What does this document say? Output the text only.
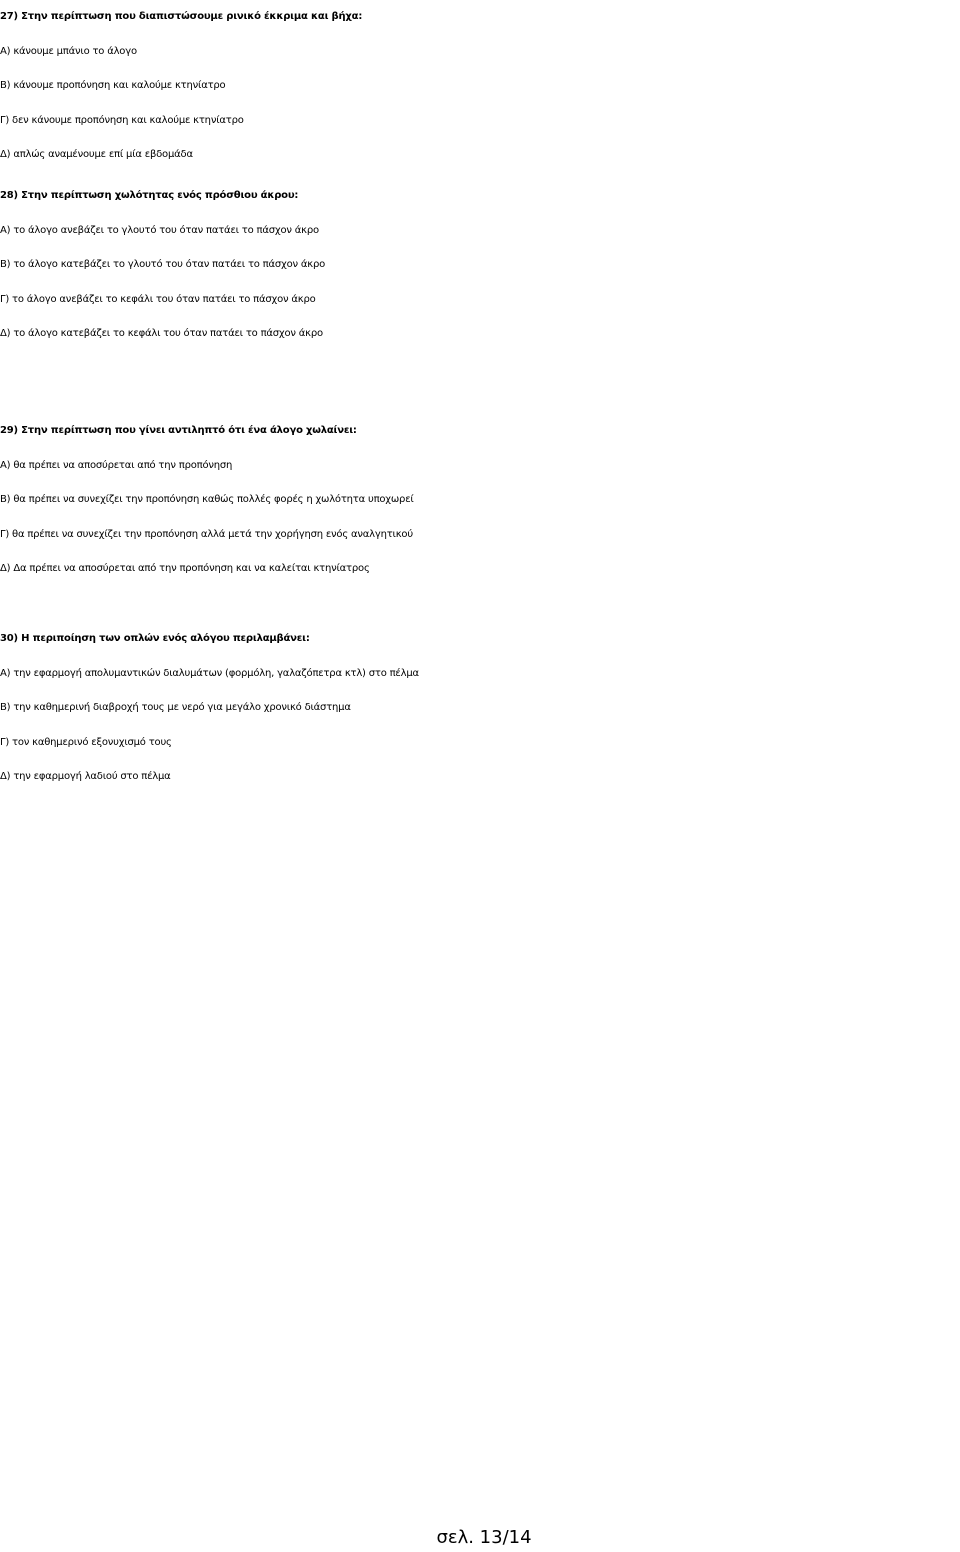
27) Στην περίπτωση που διαπιστώσουμε ρινικό έκκριμα και βήχα:
Α) κάνουμε μπάνιο το άλογο
Β) κάνουμε προπόνηση και καλούμε κτηνίατρο
Γ) δεν κάνουμε προπόνηση και καλούμε κτηνίατρο
Δ) απλώς αναμένουμε επί μία εβδομάδα
28) Στην περίπτωση χωλότητας ενός πρόσθιου άκρου:
Α) το άλογο ανεβάζει το γλουτό του όταν πατάει το πάσχον άκρο
Β) το άλογο κατεβάζει το γλουτό του όταν πατάει το πάσχον άκρο
Γ) το άλογο ανεβάζει το κεφάλι του όταν πατάει το πάσχον άκρο
Δ) το άλογο κατεβάζει το κεφάλι του όταν πατάει το πάσχον άκρο
29) Στην περίπτωση που γίνει αντιληπτό ότι ένα άλογο χωλαίνει:
Α) θα πρέπει να αποσύρεται από την προπόνηση
Β) θα πρέπει να συνεχίζει την προπόνηση καθώς πολλές φορές η χωλότητα υποχωρεί
Γ) θα πρέπει να συνεχίζει την προπόνηση αλλά μετά την χορήγηση ενός αναλγητικού
Δ) Δα πρέπει να αποσύρεται από την προπόνηση και να καλείται κτηνίατρος
30) Η περιποίηση των οπλών ενός αλόγου περιλαμβάνει:
Α) την εφαρμογή απολυμαντικών διαλυμάτων (φορμόλη, γαλαζόπετρα κτλ) στο πέλμα
Β) την καθημερινή διαβροχή τους με νερό για μεγάλο χρονικό διάστημα
Γ) τον καθημερινό εξονυχισμό τους
Δ) την εφαρμογή λαδιού στο πέλμα
σελ. 13/14
